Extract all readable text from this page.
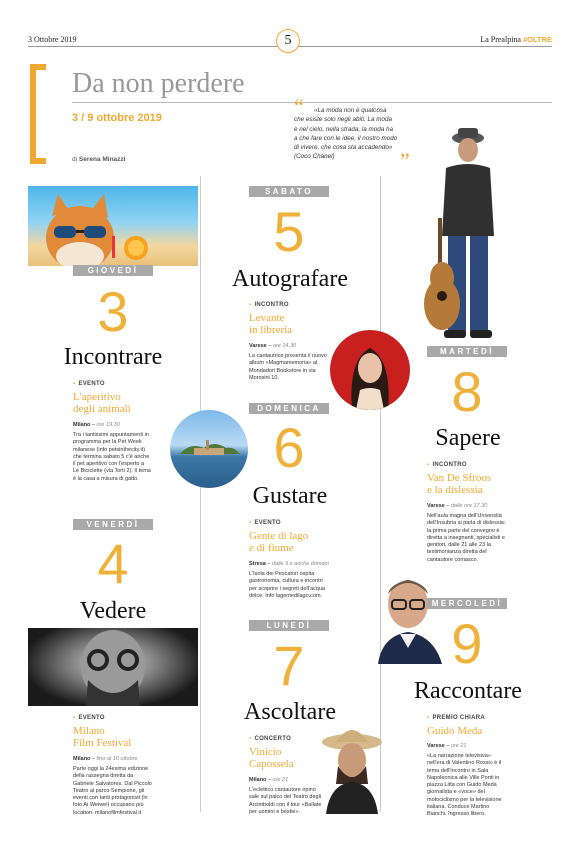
3 Ottobre 2019	5	La Prealpina #OLTRE
Da non perdere
3 / 9 ottobre 2019
di Serena Minazzi
“	«La moda non è qualcosa
che esiste solo negli abiti. La moda
è nel cielo, nella strada, la moda ha
a che fare con le idee, il nostro modo
di vivere, che cosa sta accadendo»
(Coco Chanel)	”
GIOVEDÌ
3
Incontrare
▪ EVENTO
L'aperitivo
degli animali
Milano – ore 19.30
Tra i tantissimi appuntamenti in
programma per la Pet Week
milanese (info petsinthecity.it)
che termina sabato 5 c'è anche
il pet aperitivo con l'esperto a
Le Biciclette (via Torti 2). Il tema
è la casa a misura di gatto.
VENERDÌ
4
Vedere
▪ EVENTO
Milano
Film Festival
Milano – fino al 10 ottobre
Parte oggi la 24esima edizione
della rassegna diretta da
Gabriele Salvatores. Dal Piccolo
Teatro al parco Sempione, gli
eventi con tanti protagonisti (in
foto Ai Weiwei) occupano più
location. milanofilmfestival.it
SABATO
5
Autografare
▪ INCONTRO
Levante
in libreria
Varese – ore 14.30
La cantautrice presenta il nuovo
album «Magmamemoria» al
Mondadori Bookstore in via
Morosini 10.
DOMENICA
6
Gustare
▪ EVENTO
Gente di lago
e di fiume
Stresa – dalle 9 e anche domani
L'Isola dei Pescatori ospita
gastronomia, cultura e incontri
per scoprire i segreti dell'acqua
dolce. Info lagentedilago.com.
LUNEDÌ
7
Ascoltare
▪ CONCERTO
Vinicio
Capossela
Milano – ore 21
L'eclettico cantautore irpino
sale sul palco del Teatro degli
Arcimboldi con il tour «Ballate
per uomini e bestie».
MARTEDÌ
8
Sapere
▪ INCONTRO
Van De Sfroos
e la dislessia
Varese – dalle ore 17.30
Nell'aula magna dell'Università
dell'Insubria si parla di dislessia:
la prima parte del convegno è
diretta a insegnanti, specialisti e
genitori, dalle 21 alle 23 la
testimonianza diretta del
cantautore comasco.
MERCOLEDÌ
9
Raccontare
▪ PREMIO CHIARA
Guido Meda
Varese – ore 21
«La narrazione televisiva»
nell'era di Valentino Rossi» è il
tema dell'incontro in Sala
Napoleonica alle Ville Ponti in
piazza Litta con Guido Meda
giornalista e «voce» del
motociclismo per la televisione
italiana. Conduce Martino
Bianchi. Ingresso libero.
